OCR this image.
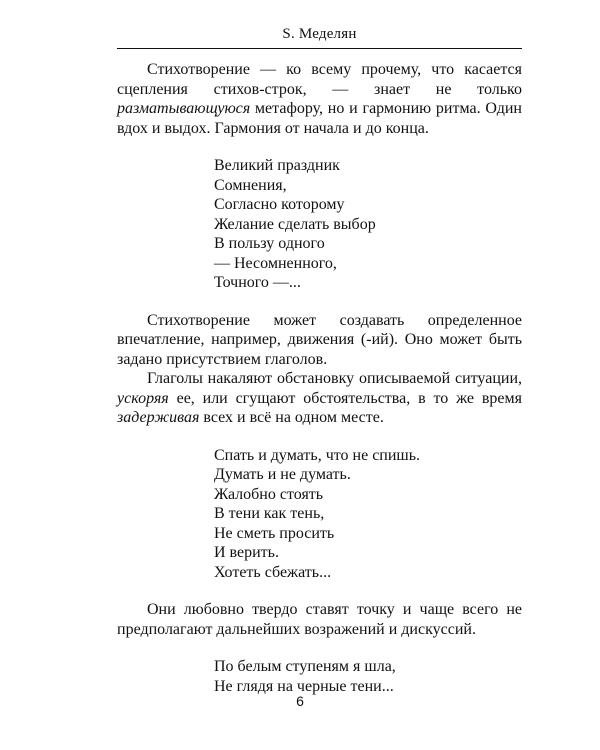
S. Меделян

Стихотворение — ко всему прочему, что касается сцепления стихов-строк, — знает не только разматывающуюся метафору, но и гармонию ритма. Один вдох и выдох. Гармония от начала и до конца.

Великий праздник
Сомнения,
Согласно которому
Желание сделать выбор
В пользу одного
— Несомненного,
Точного —...

Стихотворение может создавать определенное впечатление, например, движения (-ий). Оно может быть задано присутствием глаголов.

Глаголы накаляют обстановку описываемой ситуации, ускоряя ее, или сгущают обстоятельства, в то же время задерживая всех и всё на одном месте.

Спать и думать, что не спишь.
Думать и не думать.
Жалобно стоять
В тени как тень,
Не сметь просить
И верить.
Хотеть сбежать...

Они любовно твердо ставят точку и чаще всего не предполагают дальнейших возражений и дискуссий.

По белым ступеням я шла,
Не глядя на черные тени...
6
